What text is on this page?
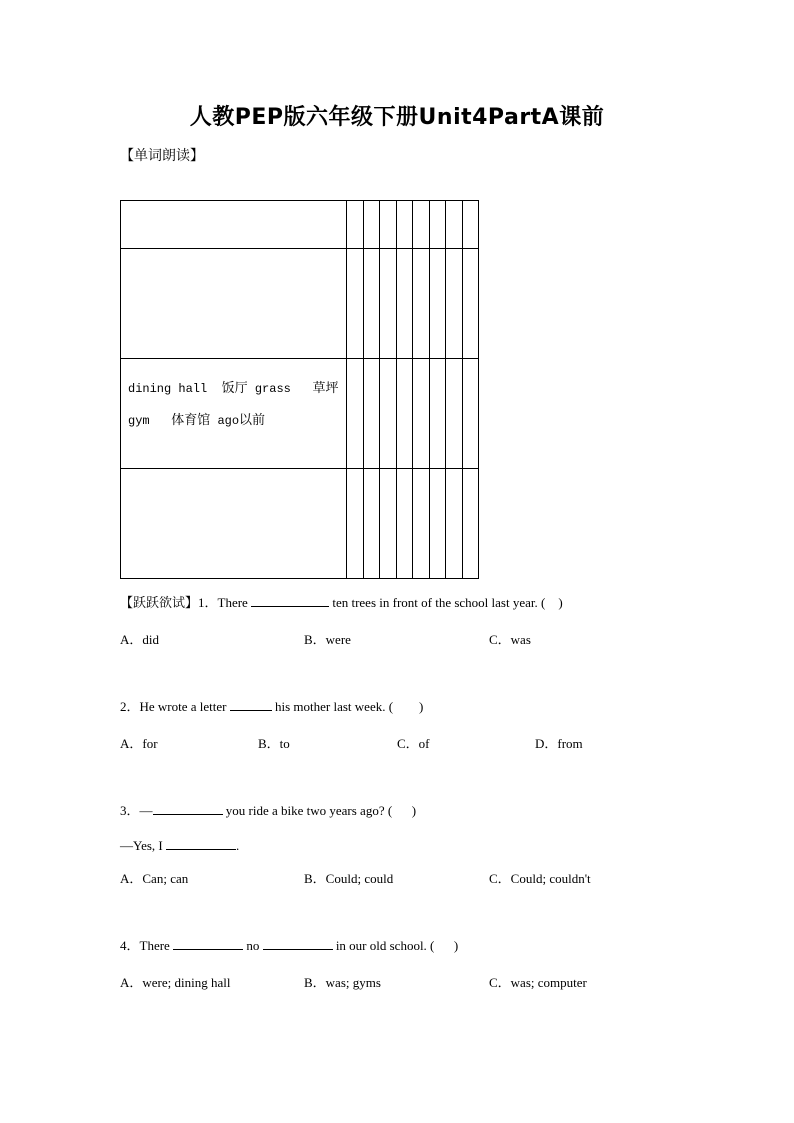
人教PEP版六年级下册Unit4PartA课前
【单词朗读】

dining hall 饭厅 grass 草坪
gym 体育馆 ago以前								

【跃跃欲试】1．There	ten trees in front of the school last year. ( )
A．did	B．were	C．was
2．He wrote a letter	his mother last week. ( )
A．for	B．to	C．of	D．from
3．—	you ride a bike two years ago? ( )
—Yes, I	.
A．Can; can	B．Could; could	C．Could; couldn't
4．There	no	in our old school. ( )
A．were; dining hall	B．was; gyms	C．was; computer
